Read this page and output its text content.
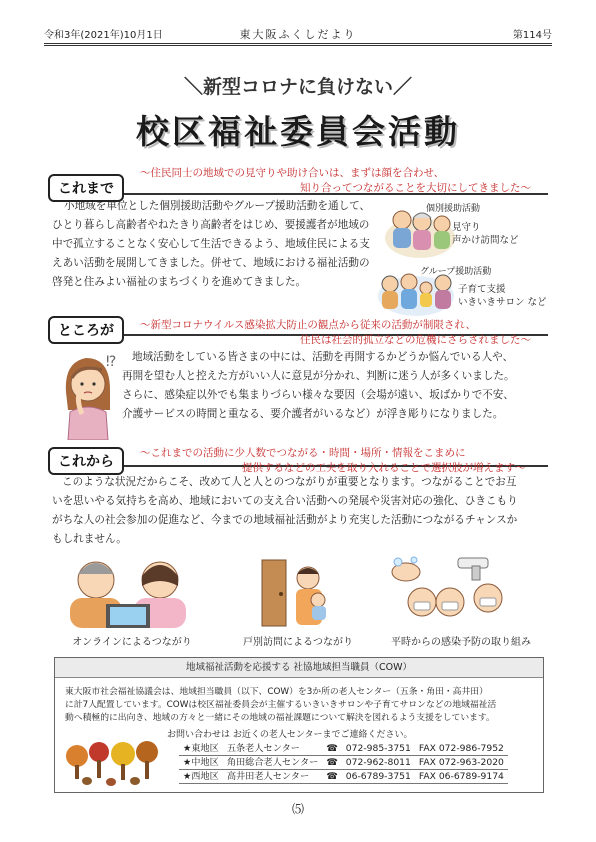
令和3年(2021年)10月1日	東大阪ふくしだより	第114号
＼新型コロナに負けない／
校区福祉委員会活動
これまで
～住民同士の地域での見守りや助け合いは、まずは顔を合わせ、
知り合ってつながることを大切にしてきました～
小地域を単位とした個別援助活動やグループ援助活動を通して、
ひとり暮らし高齢者やねたきり高齢者をはじめ、要援護者が地域の
中で孤立することなく安心して生活できるよう、地域住民による支
えあい活動を展開してきました。併せて、地域における福祉活動の
啓発と住みよい福祉のまちづくりを進めてきました。
個別援助活動
見守り
声かけ訪問など
グループ援助活動
子育て支援
いきいきサロン など
ところが	～新型コロナウイルス感染拡大防止の観点から従来の活動が制限され、
住民は社会的孤立などの危機にさらされました～
⁉ 地域活動をしている皆さまの中には、活動を再開するかどうか悩んでいる人や、
再開を望む人と控えた方がいい人に意見が分かれ、判断に迷う人が多くいました。
さらに、感染症以外でも集まりづらい様々な要因（会場が遠い、坂ばかりで不安、
介護サービスの時間と重なる、要介護者がいるなど）が浮き彫りになりました。
これから
～これまでの活動に少人数でつながる・時間・場所・情報をこまめに
提供するなどの工夫を取り入れることで選択肢が増えます～
このような状況だからこそ、改めて人と人とのつながりが重要となります。つながることでお互
いを思いやる気持ちを高め、地域においての支え合い活動への発展や災害対応の強化、ひきこもり
がちな人の社会参加の促進など、今までの地域福祉活動がより充実した活動につながるチャンスか
もしれません。
オンラインによるつながり	戸別訪問によるつながり	平時からの感染予防の取り組み
地域福祉活動を応援する 社協地域担当職員（COW）
東大阪市社会福祉協議会は、地域担当職員（以下、COW）を3か所の老人センター（五条・角田・高井田）
に計7人配置しています。COWは校区福祉委員会が主催するいきいきサロンや子育てサロンなどの地域福祉活
動へ積極的に出向き、地域の方々と一緒にその地域の福祉課題について解決を図れるよう支援をしています。
お問い合わせは お近くの老人センターまでご連絡ください。
★東地区	五条老人センター	☎	072-985-3751	FAX 072-986-7952
★中地区	角田総合老人センター	☎	072-962-8011	FAX 072-963-2020
★西地区	高井田老人センター	☎	06-6789-3751	FAX 06-6789-9174
⑸
